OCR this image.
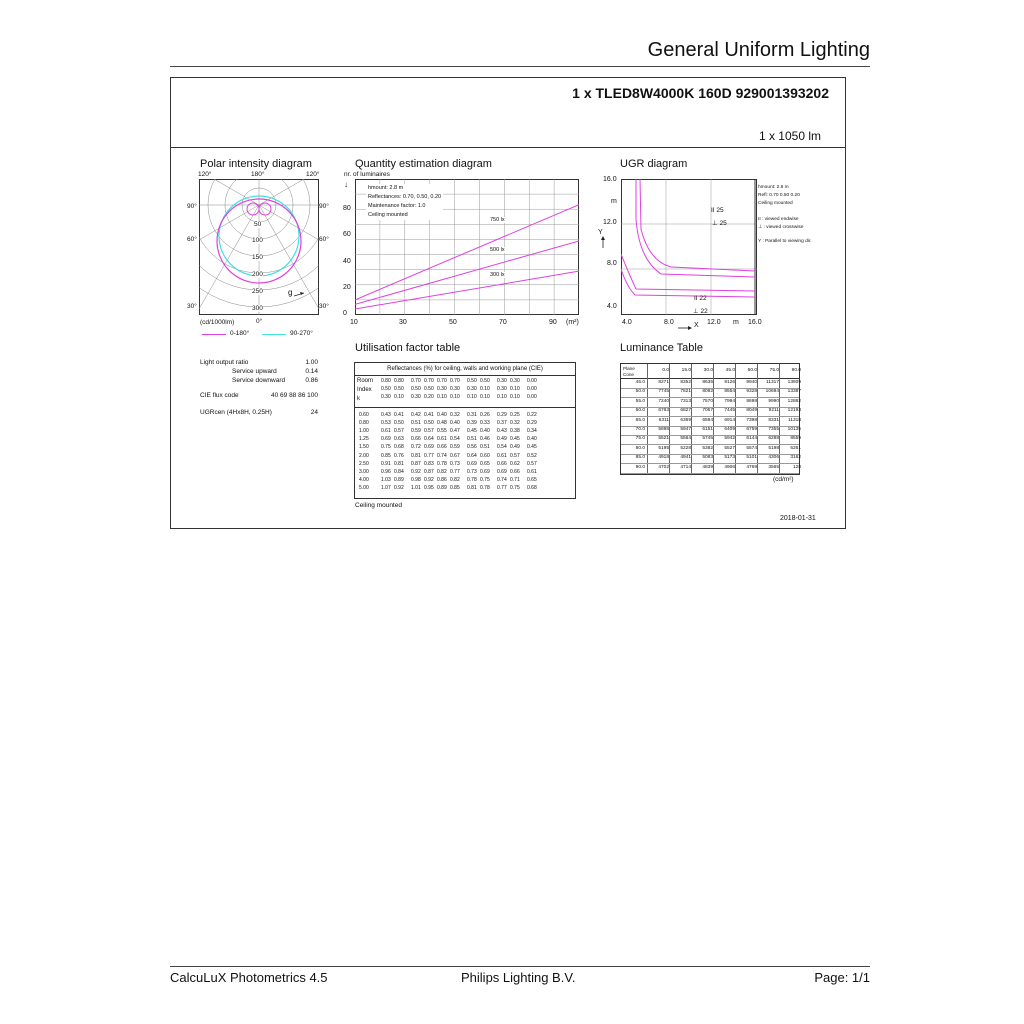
General Uniform Lighting
1 x TLED8W4000K 160D 929001393202
1 x 1050 lm
Polar intensity diagram
120°	180°	120°
90°	90°
60°	60°
30°	30°
50
100
150
200
250
300
g
(cd/1000lm)	0°
0-180°	90-270°
Light output ratio	1.00
Service upward	0.14
Service downward	0.86
CIE flux code	40 69 88 86 100
UGRcen (4Hx8H, 0.25H)	24
Quantity estimation diagram
nr. of luminaires
↓
0
20
40
60
80
hmount: 2.8 m
Reflectances: 0.70, 0.50, 0.20
Maintenance factor: 1.0
Ceiling mounted
750 lx
500 lx
300 lx
10	30	50	70	90 (m²)
UGR diagram
16.0
m
12.0
Y
8.0
4.0
II 25
⊥ 25
II 22
⊥ 22
hmount: 2.8 m
Refl: 0.70 0.50 0.20
Ceiling mounted
II : viewed endwise
⊥ : viewed crosswise
Y : Parallel to viewing dir.
4.0	8.0	12.0 m 16.0
X
Utilisation factor table
Reflectances (%) for ceiling, walls and working plane (CIE)
Room
Index
k
0.80 0.80 0.70 0.70 0.70 0.70 0.50 0.50 0.30 0.30 0.00
0.50 0.50 0.50 0.50 0.30 0.30 0.30 0.10 0.30 0.10 0.00
0.30 0.10 0.30 0.20 0.10 0.10 0.10 0.10 0.10 0.10 0.00
0.60 0.43 0.41 0.42 0.41 0.40 0.32 0.31 0.26 0.29 0.25 0.22
0.80 0.53 0.50 0.51 0.50 0.48 0.40 0.39 0.33 0.37 0.32 0.29
1.00 0.61 0.57 0.59 0.57 0.55 0.47 0.45 0.40 0.43 0.38 0.34
1.25 0.69 0.63 0.66 0.64 0.61 0.54 0.51 0.46 0.49 0.45 0.40
1.50 0.75 0.68 0.72 0.69 0.66 0.59 0.56 0.51 0.54 0.49 0.45
2.00 0.85 0.76 0.81 0.77 0.74 0.67 0.64 0.60 0.61 0.57 0.52
2.50 0.91 0.81 0.87 0.83 0.78 0.73 0.69 0.65 0.66 0.62 0.57
3.00 0.96 0.84 0.92 0.87 0.82 0.77 0.73 0.69 0.69 0.66 0.61
4.00 1.03 0.89 0.98 0.92 0.86 0.82 0.78 0.75 0.74 0.71 0.65
5.00 1.07 0.92 1.01 0.95 0.89 0.85 0.81 0.78 0.77 0.75 0.68
Ceiling mounted
Luminance Table
Plane
Cone
0.0	15.0	30.0	45.0	60.0	75.0	90.0
45.0	8271	8352	8635	9126	9940	11317	13809
50.0	7745	7821	8092	8554	9328	10694	13387
55.0	7240	7313	7570	7994	8698	9990	12862
60.0	6763	6827	7067	7445	8049	9211	12193
65.0	6311	6369	6594	6914	7398	8331	11318
70.0	5898	5947	6151	6409	6759	7355	10135
75.0	5521	5564	5745	5942	6144	6288	8559
80.0	5195	5228	5382	5527	5574	5198	6261
85.0	4918	4941	5083	5173	5101	4306	3162
90.0	4702	4714	4839	4906	4769	3565	128
(cd/m²)
2018-01-31
CalcuLuX Photometrics 4.5	Philips Lighting B.V.	Page: 1/1
